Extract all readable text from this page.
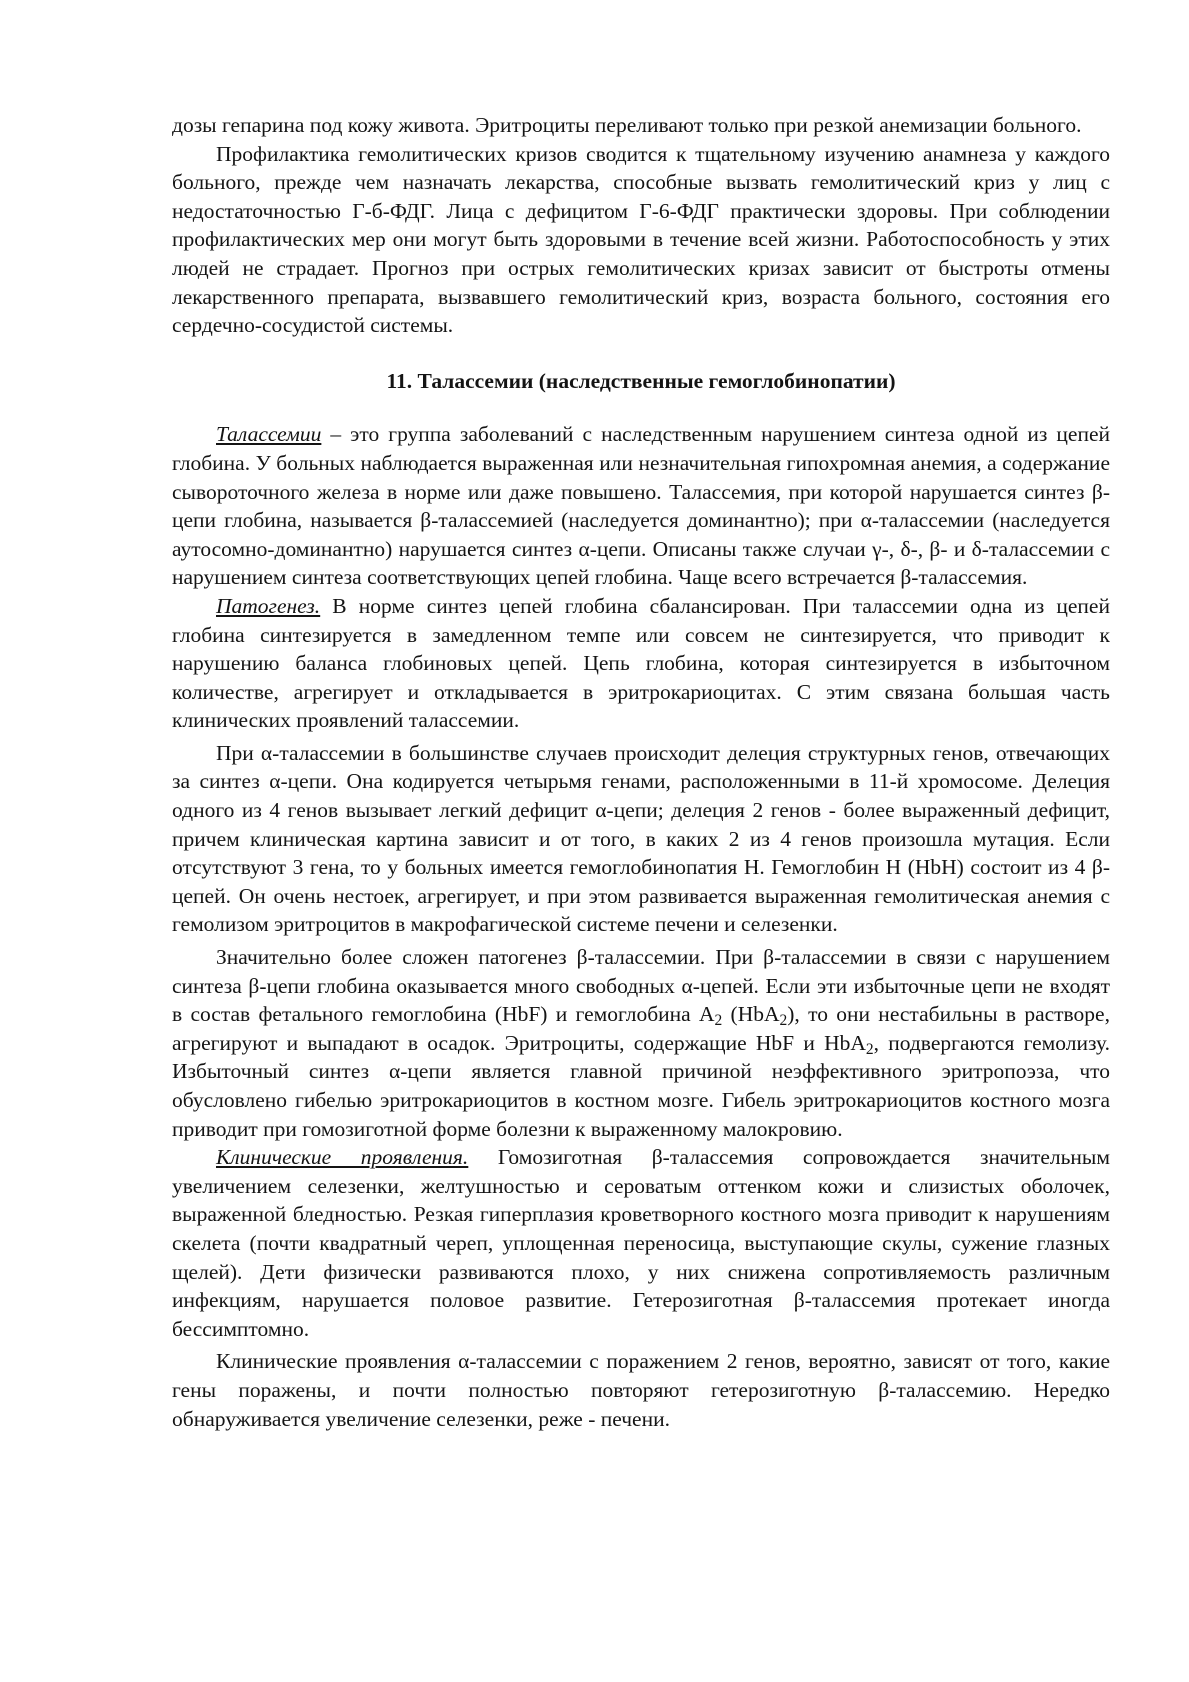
дозы гепарина под кожу живота. Эритроциты переливают только при резкой анемизации больного.

Профилактика гемолитических кризов сводится к тщательному изучению анамнеза у каждого больного, прежде чем назначать лекарства, способные вызвать гемолитический криз у лиц с недостаточностью Г-б-ФДГ. Лица с дефицитом Г-6-ФДГ практически здоровы. При соблюдении профилактических мер они могут быть здоровыми в течение всей жизни. Работоспособность у этих людей не страдает. Прогноз при острых гемолитических кризах зависит от быстроты отмены лекарственного препарата, вызвавшего гемолитический криз, возраста больного, состояния его сердечно-сосудистой системы.

11. Талассемии (наследственные гемоглобинопатии)

Талассемии – это группа заболеваний с наследственным нарушением синтеза одной из цепей глобина. У больных наблюдается выраженная или незначительная гипохромная анемия, а содержание сывороточного железа в норме или даже повышено. Талассемия, при которой нарушается синтез β-цепи глобина, называется β-талассемией (наследуется доминантно); при α-талассемии (наследуется аутосомно-доминантно) нарушается синтез α-цепи. Описаны также случаи γ-, δ-, β- и δ-талассемии с нарушением синтеза соответствующих цепей глобина. Чаще всего встречается β-талассемия.

Патогенез. В норме синтез цепей глобина сбалансирован. При талассемии одна из цепей глобина синтезируется в замедленном темпе или совсем не синтезируется, что приводит к нарушению баланса глобиновых цепей. Цепь глобина, которая синтезируется в избыточном количестве, агрегирует и откладывается в эритрокариоцитах. С этим связана большая часть клинических проявлений талассемии.

При α-талассемии в большинстве случаев происходит делеция структурных генов, отвечающих за синтез α-цепи. Она кодируется четырьмя генами, расположенными в 11-й хромосоме. Делеция одного из 4 генов вызывает легкий дефицит α-цепи; делеция 2 генов - более выраженный дефицит, причем клиническая картина зависит и от того, в каких 2 из 4 генов произошла мутация. Если отсутствуют 3 гена, то у больных имеется гемоглобинопатия H. Гемоглобин H (HbH) состоит из 4 β-цепей. Он очень нестоек, агрегирует, и при этом развивается выраженная гемолитическая анемия с гемолизом эритроцитов в макрофагической системе печени и селезенки.

Значительно более сложен патогенез β-талассемии. При β-талассемии в связи с нарушением синтеза β-цепи глобина оказывается много свободных α-цепей. Если эти избыточные цепи не входят в состав фетального гемоглобина (HbF) и гемоглобина $A_2$ (HbA$_2$), то они нестабильны в растворе, агрегируют и выпадают в осадок. Эритроциты, содержащие HbF и HbA$_2$, подвергаются гемолизу. Избыточный синтез α-цепи является главной причиной неэффективного эритропоэза, что обусловлено гибелью эритрокариоцитов в костном мозге. Гибель эритрокариоцитов костного мозга приводит при гомозиготной форме болезни к выраженному малокровию.

Клинические проявления. Гомозиготная β-талассемия сопровождается значительным увеличением селезенки, желтушностью и сероватым оттенком кожи и слизистых оболочек, выраженной бледностью. Резкая гиперплазия кроветворного костного мозга приводит к нарушениям скелета (почти квадратный череп, уплощенная переносица, выступающие скулы, сужение глазных щелей). Дети физически развиваются плохо, у них снижена сопротивляемость различным инфекциям, нарушается половое развитие. Гетерозиготная β-талассемия протекает иногда бессимптомно.

Клинические проявления α-талассемии с поражением 2 генов, вероятно, зависят от того, какие гены поражены, и почти полностью повторяют гетерозиготную β-талассемию. Нередко обнаруживается увеличение селезенки, реже - печени.
